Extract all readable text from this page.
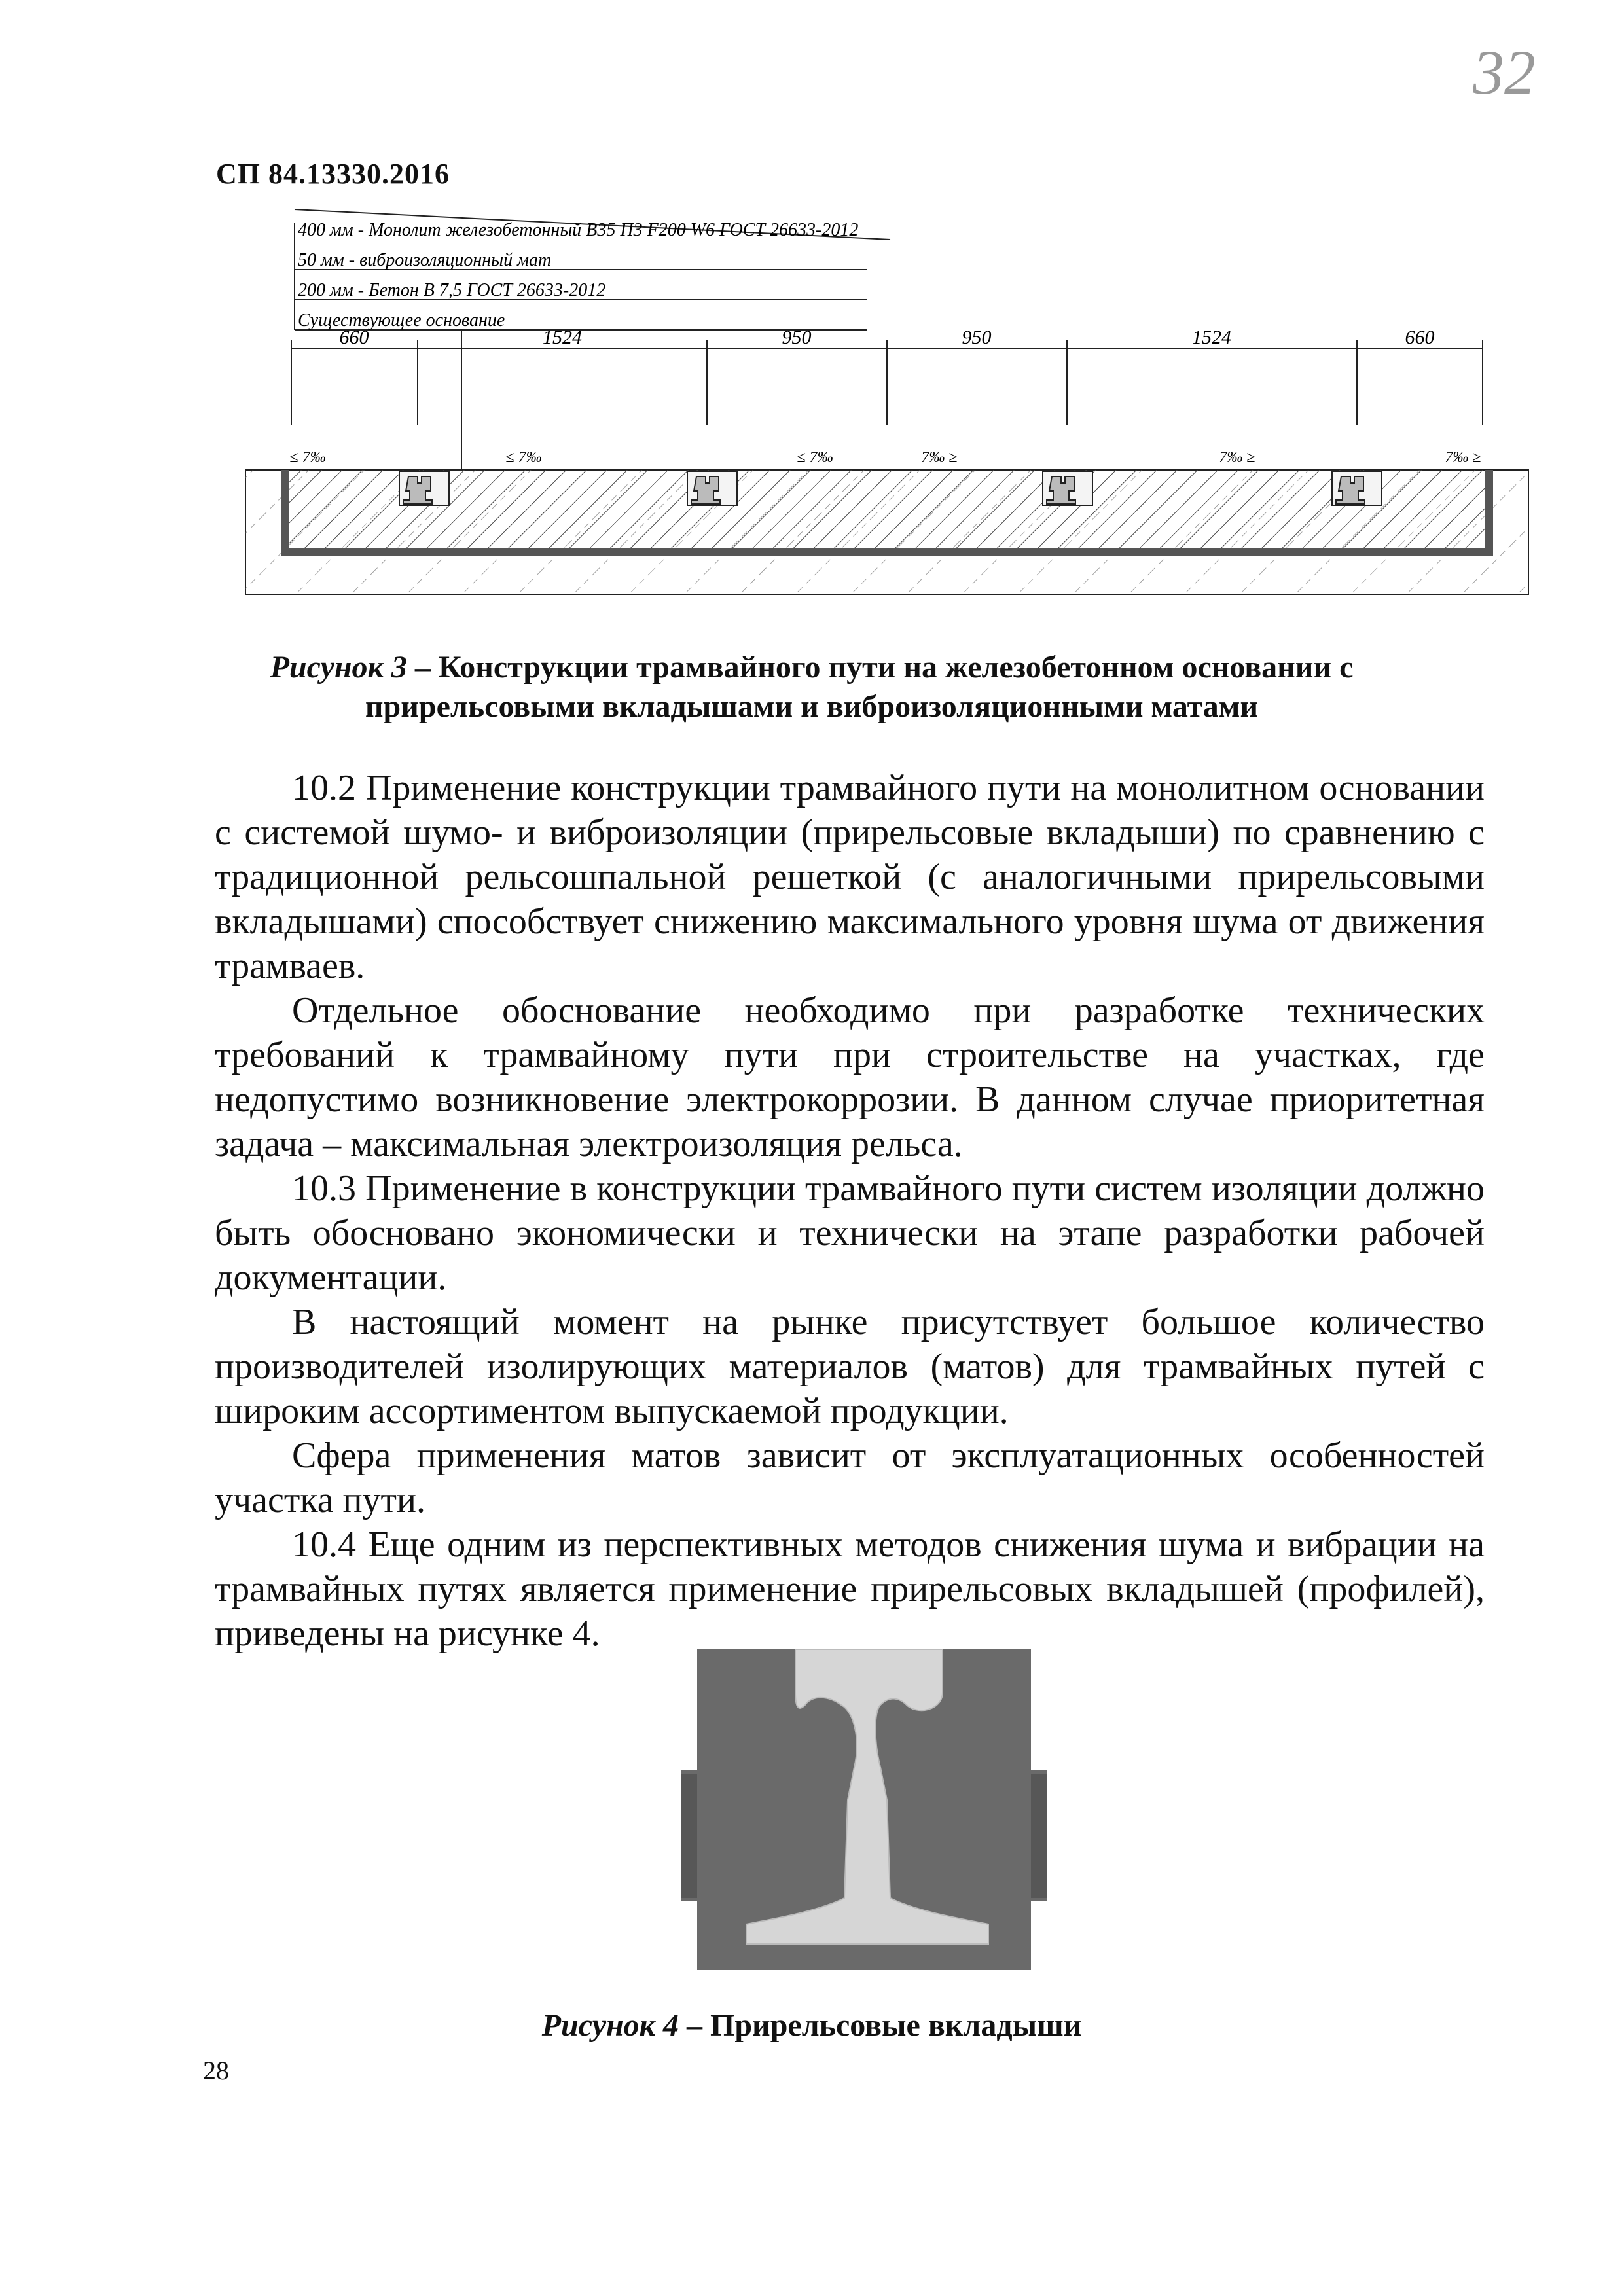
32
СП 84.13330.2016
400 мм - Монолит железобетонный В35 П3 F200 W6 ГОСТ 26633-2012
50 мм - виброизоляционный мат
200 мм - Бетон В 7,5 ГОСТ 26633-2012
Существующее основание
660	1524	950	950	1524	660
≤ 7‰	≤ 7‰	≤ 7‰	7‰ ≥	7‰ ≥	7‰ ≥
Рисунок 3 – Конструкции трамвайного пути на железобетонном основании с прирельсовыми вкладышами и виброизоляционными матами

10.2 Применение конструкции трамвайного пути на монолитном основании с системой шумо- и виброизоляции (прирельсовые вкладыши) по сравнению с традиционной рельсошпальной решеткой (с аналогичными прирельсовыми вкладышами) способствует снижению максимального уровня шума от движения трамваев.

Отдельное обоснование необходимо при разработке технических требований к трамвайному пути при строительстве на участках, где недопустимо возникновение электрокоррозии. В данном случае приоритетная задача – максимальная электроизоляция рельса.

10.3 Применение в конструкции трамвайного пути систем изоляции должно быть обосновано экономически и технически на этапе разработки рабочей документации.

В настоящий момент на рынке присутствует большое количество производителей изолирующих материалов (матов) для трамвайных путей с широким ассортиментом выпускаемой продукции.

Сфера применения матов зависит от эксплуатационных особенностей участка пути.

10.4 Еще одним из перспективных методов снижения шума и вибрации на трамвайных путях является применение прирельсовых вкладышей (профилей), приведены на рисунке 4.

Рисунок 4 – Прирельсовые вкладыши
28
